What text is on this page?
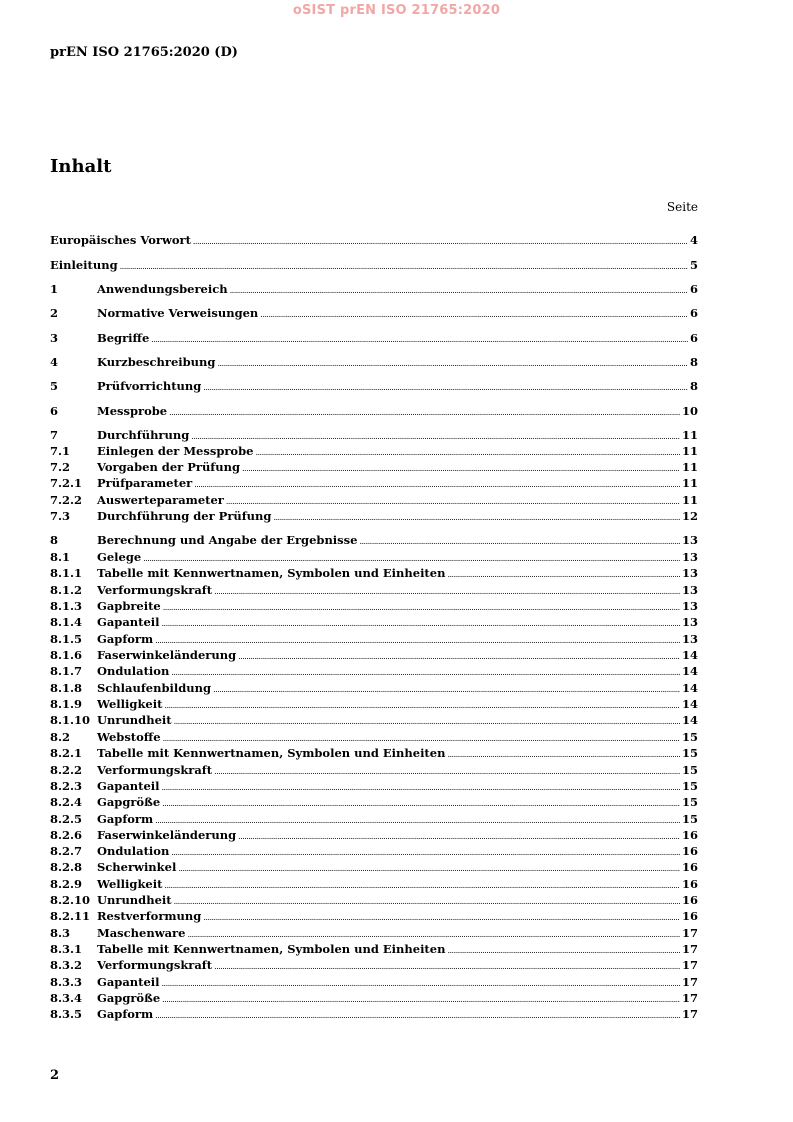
oSIST prEN ISO 21765:2020
prEN ISO 21765:2020 (D)
Inhalt
Seite
Europäisches Vorwort .....	4
Einleitung .....	5
1	Anwendungsbereich .....	6
2	Normative Verweisungen .....	6
3	Begriffe .....	6
4	Kurzbeschreibung .....	8
5	Prüfvorrichtung .....	8
6	Messprobe .....	10
7	Durchführung .....	11
7.1	Einlegen der Messprobe .....	11
7.2	Vorgaben der Prüfung .....	11
7.2.1	Prüfparameter .....	11
7.2.2	Auswerteparameter .....	11
7.3	Durchführung der Prüfung .....	12
8	Berechnung und Angabe der Ergebnisse .....	13
8.1	Gelege .....	13
8.1.1	Tabelle mit Kennwertnamen, Symbolen und Einheiten .....	13
8.1.2	Verformungskraft .....	13
8.1.3	Gapbreite .....	13
8.1.4	Gapanteil .....	13
8.1.5	Gapform .....	13
8.1.6	Faserwinkeländerung .....	14
8.1.7	Ondulation .....	14
8.1.8	Schlaufenbildung .....	14
8.1.9	Welligkeit .....	14
8.1.10 Unrundheit .....	14
8.2	Webstoffe .....	15
8.2.1	Tabelle mit Kennwertnamen, Symbolen und Einheiten .....	15
8.2.2	Verformungskraft .....	15
8.2.3	Gapanteil .....	15
8.2.4	Gapgröße .....	15
8.2.5	Gapform .....	15
8.2.6	Faserwinkeländerung .....	16
8.2.7	Ondulation .....	16
8.2.8	Scherwinkel .....	16
8.2.9	Welligkeit .....	16
8.2.10 Unrundheit .....	16
8.2.11 Restverformung .....	16
8.3	Maschenware .....	17
8.3.1	Tabelle mit Kennwertnamen, Symbolen und Einheiten .....	17
8.3.2	Verformungskraft .....	17
8.3.3	Gapanteil .....	17
8.3.4	Gapgröße .....	17
8.3.5	Gapform .....	17
2
